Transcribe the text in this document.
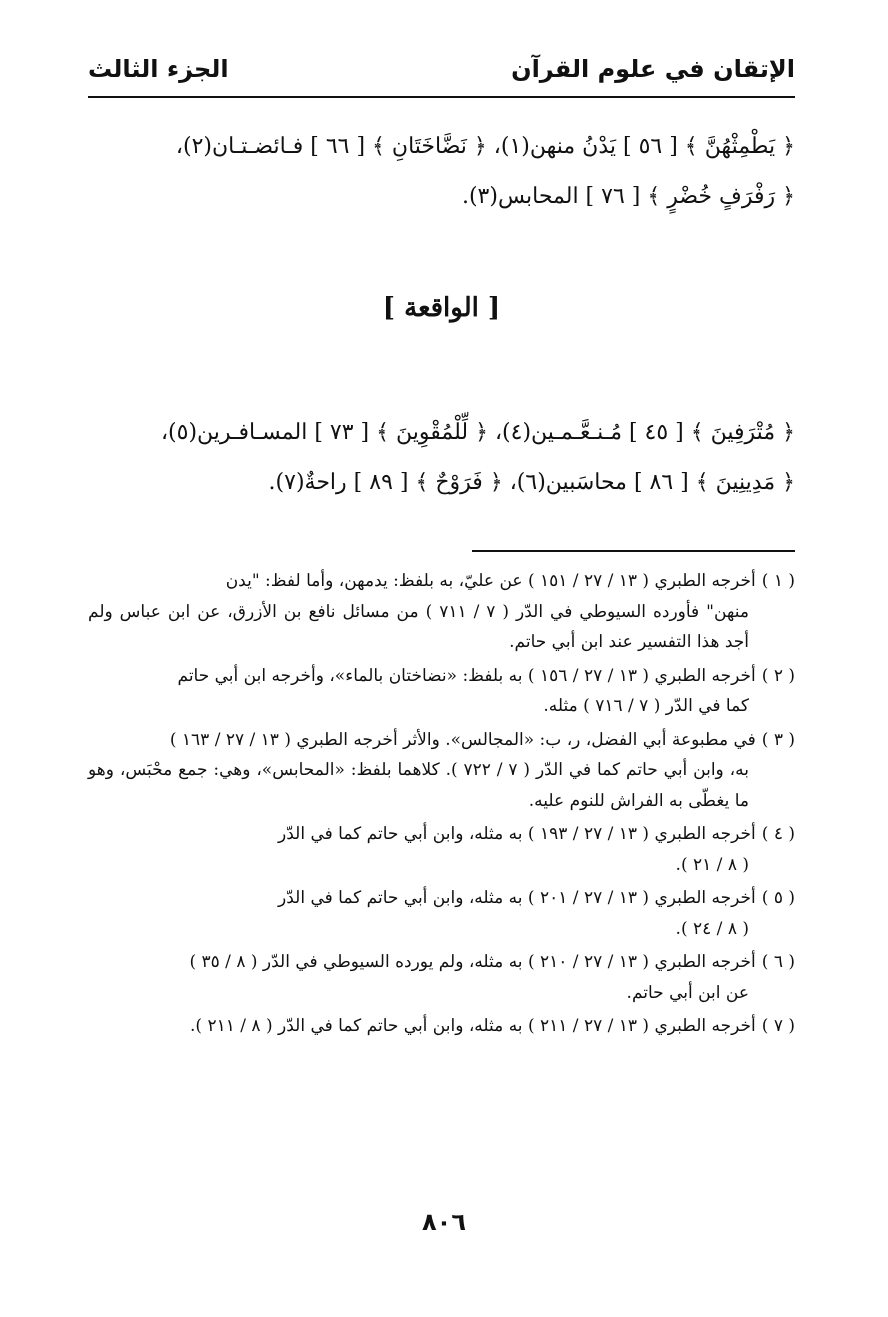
الإتقان في علوم القرآن
الجزء الثالث
﴿ يَطْمِثْهُنَّ ﴾ [ ٥٦ ] يَدْنُ منهن(١)، ﴿ نَضَّاخَتَانِ ﴾ [ ٦٦ ] فـائضـتـان(٢)،
﴿ رَفْرَفٍ خُضْرٍ ﴾ [ ٧٦ ] المحابس(٣).
[ الواقعة ]
﴿ مُتْرَفِينَ ﴾ [ ٤٥ ] مُـنـعَّـمـين(٤)، ﴿ لِّلْمُقْوِينَ ﴾ [ ٧٣ ] المسـافـرين(٥)،
﴿ مَدِينِينَ ﴾ [ ٨٦ ] محاسَبين(٦)، ﴿ فَرَوْحٌ ﴾ [ ٨٩ ] راحةٌ(٧).
( ١ )أخرجه الطبري ( ١٣ / ٢٧ / ١٥١ ) عن عليّ، به بلفظ: يدمهن، وأما لفظ: "يدن
منهن" فأورده السيوطي في الدّر ( ٧ / ٧١١ ) من مسائل نافع بن الأزرق، عن ابن عباس ولم أجد هذا التفسير عند ابن أبي حاتم.
( ٢ )أخرجه الطبري ( ١٣ / ٢٧ / ١٥٦ ) به بلفظ: «نضاختان بالماء»، وأخرجه ابن أبي حاتم
كما في الدّر ( ٧ / ٧١٦ ) مثله.
( ٣ )في مطبوعة أبي الفضل، ر، ب: «المجالس». والأثر أخرجه الطبري ( ١٣ / ٢٧ / ١٦٣ )
به، وابن أبي حاتم كما في الدّر ( ٧ / ٧٢٢ ). كلاهما بلفظ: «المحابس»، وهي: جمع محْبَس، وهو ما يغطّى به الفراش للنوم عليه.
( ٤ )أخرجه الطبري ( ١٣ / ٢٧ / ١٩٣ ) به مثله، وابن أبي حاتم كما في الدّر
( ٨ / ٢١ ).
( ٥ )أخرجه الطبري ( ١٣ / ٢٧ / ٢٠١ ) به مثله، وابن أبي حاتم كما في الدّر
( ٨ / ٢٤ ).
( ٦ )أخرجه الطبري ( ١٣ / ٢٧ / ٢١٠ ) به مثله، ولم يورده السيوطي في الدّر ( ٨ / ٣٥ )
عن ابن أبي حاتم.
( ٧ )أخرجه الطبري ( ١٣ / ٢٧ / ٢١١ ) به مثله، وابن أبي حاتم كما في الدّر ( ٨ / ٢١١ ).
٨٠٦
